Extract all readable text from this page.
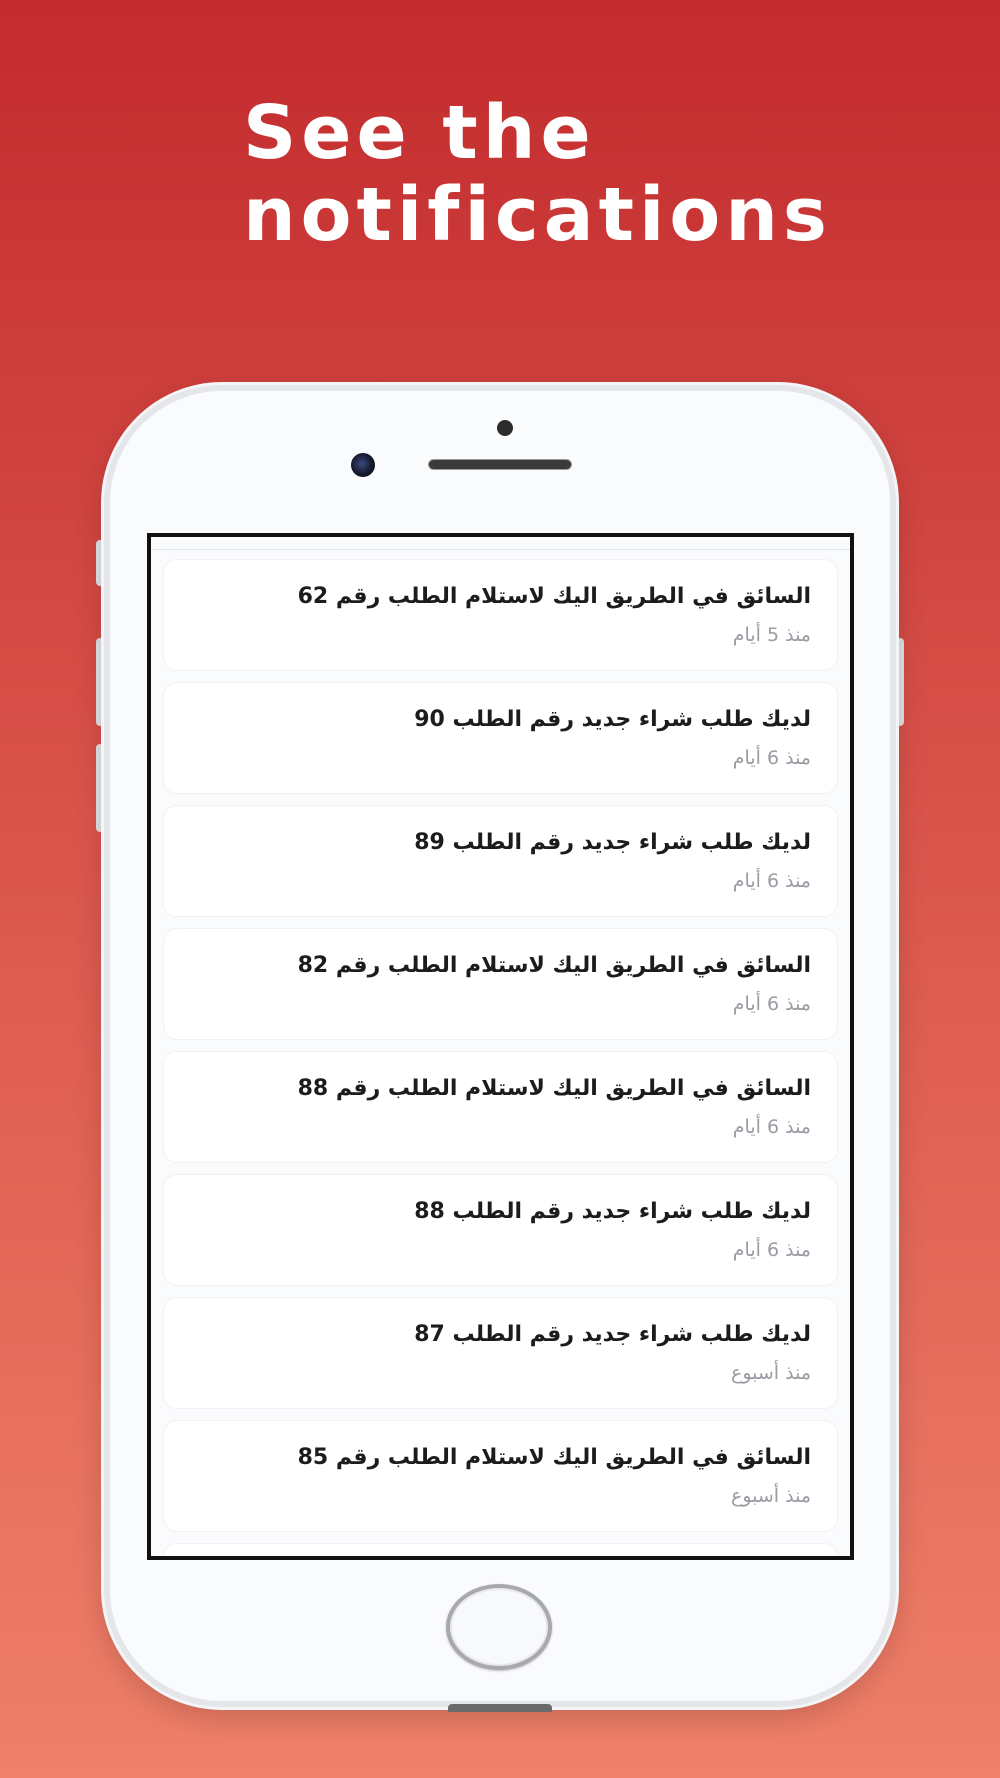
See the
notifications
السائق في الطريق اليك لاستلام الطلب رقم 62
منذ 5 أيام
لديك طلب شراء جديد رقم الطلب 90
منذ 6 أيام
لديك طلب شراء جديد رقم الطلب 89
منذ 6 أيام
السائق في الطريق اليك لاستلام الطلب رقم 82
منذ 6 أيام
السائق في الطريق اليك لاستلام الطلب رقم 88
منذ 6 أيام
لديك طلب شراء جديد رقم الطلب 88
منذ 6 أيام
لديك طلب شراء جديد رقم الطلب 87
منذ أسبوع
السائق في الطريق اليك لاستلام الطلب رقم 85
منذ أسبوع
